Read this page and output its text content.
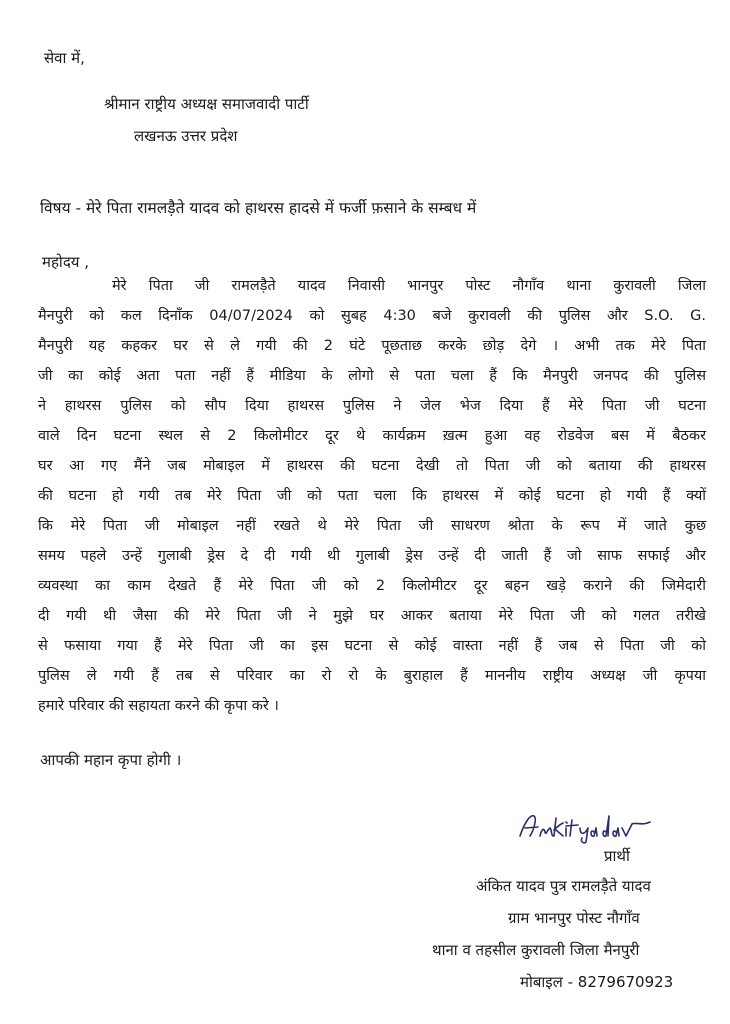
सेवा में,
श्रीमान राष्ट्रीय अध्यक्ष समाजवादी पार्टी
लखनऊ उत्तर प्रदेश
विषय - मेरे पिता रामलड़ैते यादव को हाथरस हादसे में फर्जी फ़साने के सम्बध में
महोदय ,
मेरे पिता जी रामलड़ैते यादव निवासी भानपुर पोस्ट नौगाँव थाना कुरावली जिला
मैनपुरी को कल दिनाँक 04/07/2024 को सुबह 4:30 बजे कुरावली की पुलिस और S.O. G.
मैनपुरी यह कहकर घर से ले गयी की 2 घंटे पूछताछ करके छोड़ देगे । अभी तक मेरे पिता
जी का कोई अता पता नहीं हैं मीडिया के लोगो से पता चला हैं कि मैनपुरी जनपद की पुलिस
ने हाथरस पुलिस को सौप दिया हाथरस पुलिस ने जेल भेज दिया हैं मेरे पिता जी घटना
वाले दिन घटना स्थल से 2 किलोमीटर दूर थे कार्यक्रम ख़त्म हुआ वह रोडवेज बस में बैठकर
घर आ गए मैंने जब मोबाइल में हाथरस की घटना देखी तो पिता जी को बताया की हाथरस
की घटना हो गयी तब मेरे पिता जी को पता चला कि हाथरस में कोई घटना हो गयी हैं क्यों
कि मेरे पिता जी मोबाइल नहीं रखते थे मेरे पिता जी साधरण श्रोता के रूप में जाते कुछ
समय पहले उन्हें गुलाबी ड्रेस दे दी गयी थी गुलाबी ड्रेस उन्हें दी जाती हैं जो साफ सफाई और
व्यवस्था का काम देखते हैं मेरे पिता जी को 2 किलोमीटर दूर बहन खड़े कराने की जिमेदारी
दी गयी थी जैसा की मेरे पिता जी ने मुझे घर आकर बताया मेरे पिता जी को गलत तरीखे
से फसाया गया हैं मेरे पिता जी का इस घटना से कोई वास्ता नहीं हैं जब से पिता जी को
पुलिस ले गयी हैं तब से परिवार का रो रो के बुराहाल हैं माननीय राष्ट्रीय अध्यक्ष जी कृपया
हमारे परिवार की सहायता करने की कृपा करे ।
आपकी महान कृपा होगी ।
प्रार्थी
अंकित यादव पुत्र रामलड़ैते यादव
ग्राम भानपुर पोस्ट नौगाँव
थाना व तहसील कुरावली जिला मैनपुरी
मोबाइल - 8279670923
